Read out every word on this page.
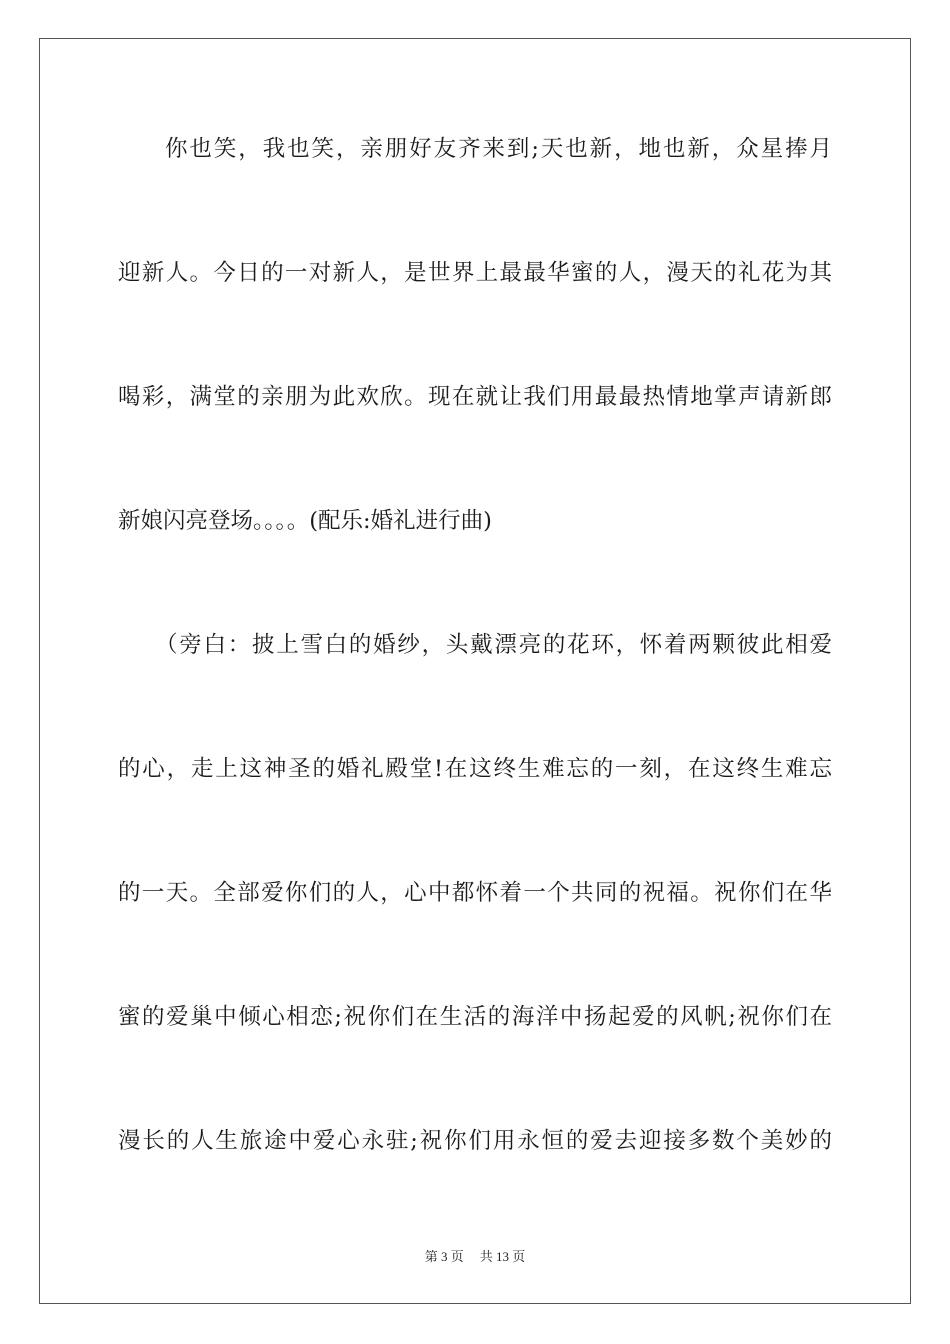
你也笑，我也笑，亲朋好友齐来到;天也新，地也新，众星捧月
迎新人。今日的一对新人，是世界上最最华蜜的人，漫天的礼花为其
喝彩，满堂的亲朋为此欢欣。现在就让我们用最最热情地掌声请新郎
新娘闪亮登场。。。。(配乐:婚礼进行曲)
（旁白：披上雪白的婚纱，头戴漂亮的花环，怀着两颗彼此相爱
的心，走上这神圣的婚礼殿堂!在这终生难忘的一刻，在这终生难忘
的一天。全部爱你们的人，心中都怀着一个共同的祝福。祝你们在华
蜜的爱巢中倾心相恋;祝你们在生活的海洋中扬起爱的风帆;祝你们在
漫长的人生旅途中爱心永驻;祝你们用永恒的爱去迎接多数个美妙的
第 3 页 共 13 页
